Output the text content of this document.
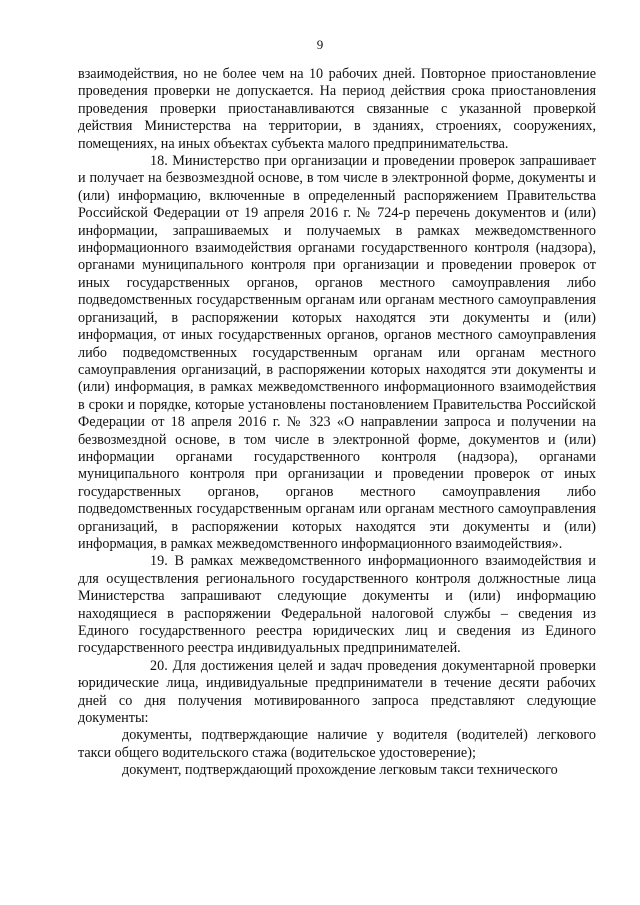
9

взаимодействия, но не более чем на 10 рабочих дней. Повторное приостановление проведения проверки не допускается. На период действия срока приостановления проведения проверки приостанавливаются связанные с указанной проверкой действия Министерства на территории, в зданиях, строениях, сооружениях, помещениях, на иных объектах субъекта малого предпринимательства.

18. Министерство при организации и проведении проверок запрашивает и получает на безвозмездной основе, в том числе в электронной форме, документы и (или) информацию, включенные в определенный распоряжением Правительства Российской Федерации от 19 апреля 2016 г. № 724-р перечень документов и (или) информации, запрашиваемых и получаемых в рамках межведомственного информационного взаимодействия органами государственного контроля (надзора), органами муниципального контроля при организации и проведении проверок от иных государственных органов, органов местного самоуправления либо подведомственных государственным органам или органам местного самоуправления организаций, в распоряжении которых находятся эти документы и (или) информация, от иных государственных органов, органов местного самоуправления либо подведомственных государственным органам или органам местного самоуправления организаций, в распоряжении которых находятся эти документы и (или) информация, в рамках межведомственного информационного взаимодействия в сроки и порядке, которые установлены постановлением Правительства Российской Федерации от 18 апреля 2016 г. № 323 «О направлении запроса и получении на безвозмездной основе, в том числе в электронной форме, документов и (или) информации органами государственного контроля (надзора), органами муниципального контроля при организации и проведении проверок от иных государственных органов, органов местного самоуправления либо подведомственных государственным органам или органам местного самоуправления организаций, в распоряжении которых находятся эти документы и (или) информация, в рамках межведомственного информационного взаимодействия».

19. В рамках межведомственного информационного взаимодействия и для осуществления регионального государственного контроля должностные лица Министерства запрашивают следующие документы и (или) информацию находящиеся в распоряжении Федеральной налоговой службы – сведения из Единого государственного реестра юридических лиц и сведения из Единого государственного реестра индивидуальных предпринимателей.

20. Для достижения целей и задач проведения документарной проверки юридические лица, индивидуальные предприниматели в течение десяти рабочих дней со дня получения мотивированного запроса представляют следующие документы:

документы, подтверждающие наличие у водителя (водителей) легкового такси общего водительского стажа (водительское удостоверение);

документ, подтверждающий прохождение легковым такси технического
